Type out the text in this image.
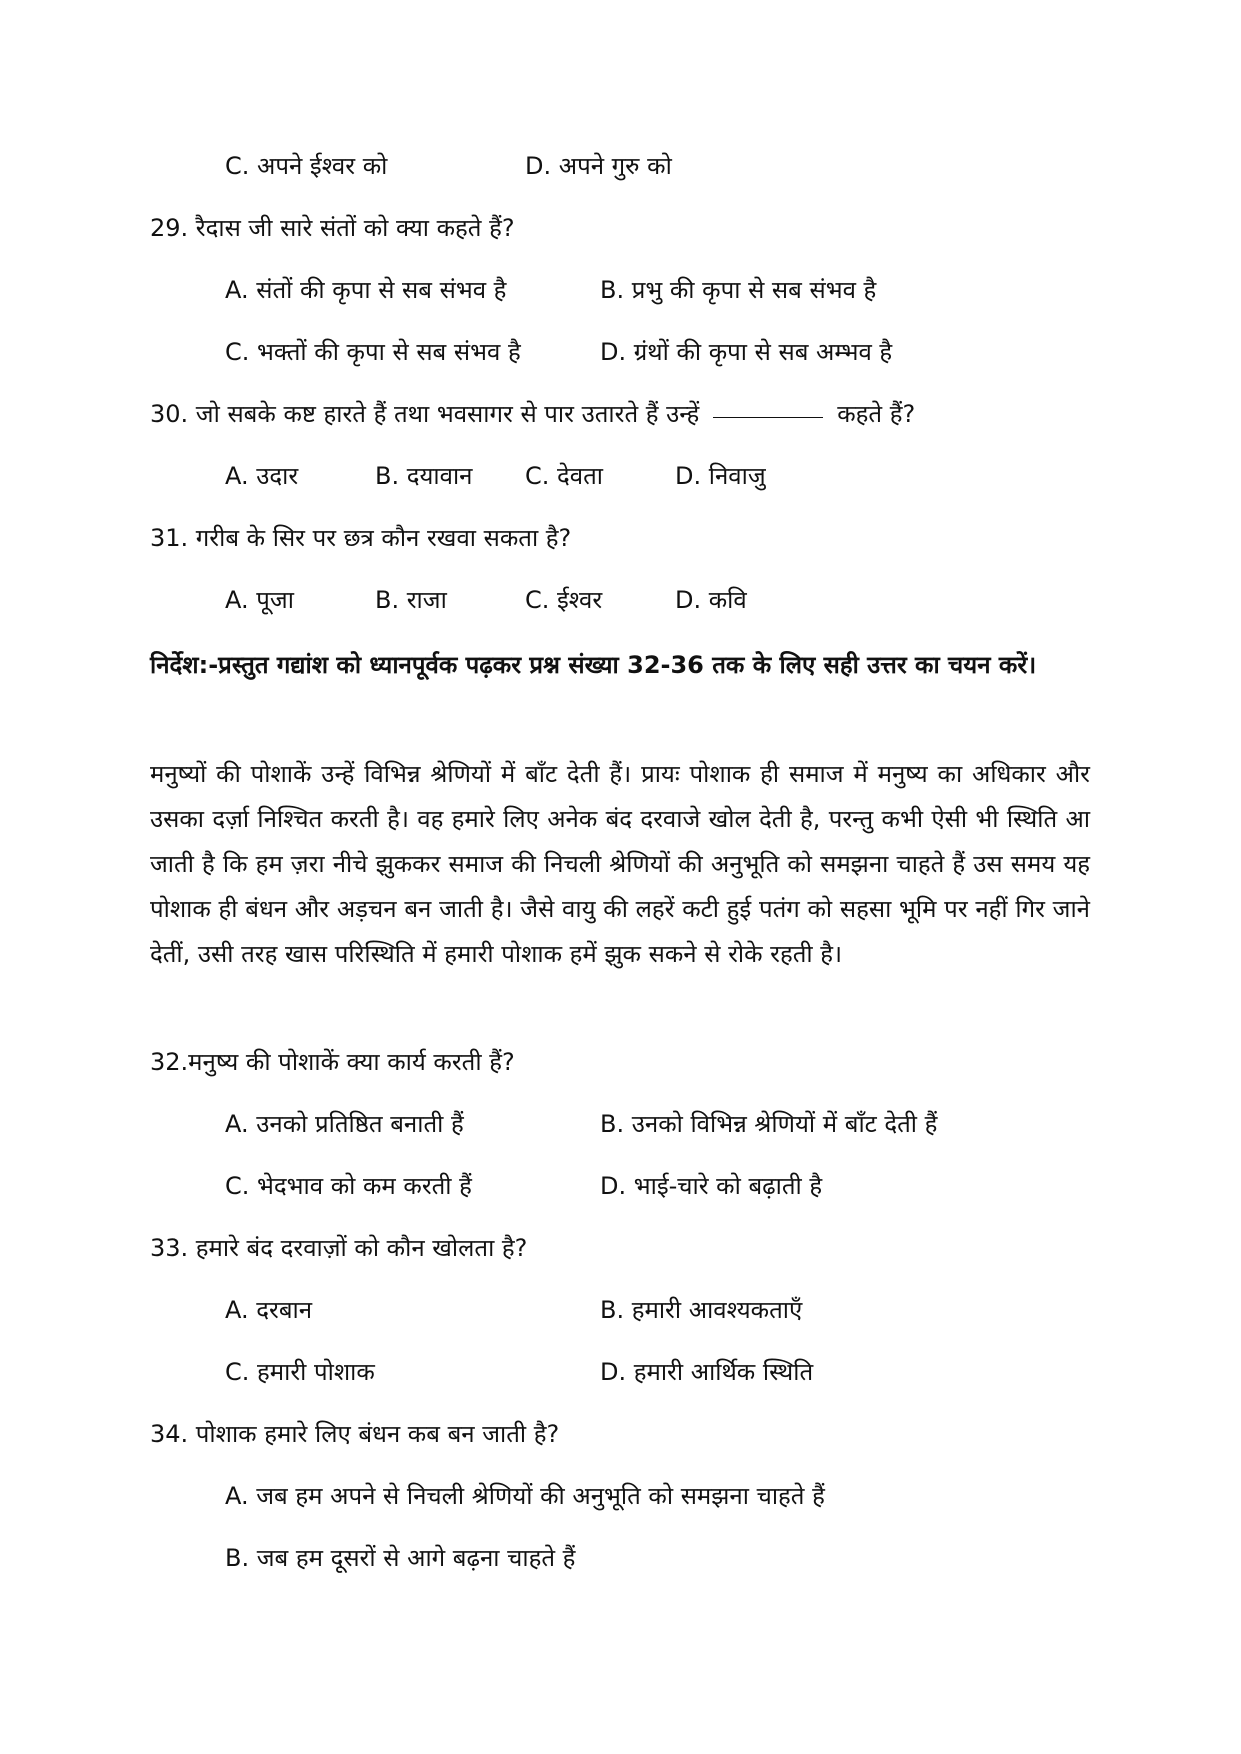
C. अपने ईश्वर को	D. अपने गुरु को
29. रैदास जी सारे संतों को क्या कहते हैं?
A. संतों की कृपा से सब संभव है	B. प्रभु की कृपा से सब संभव है
C. भक्तों की कृपा से सब संभव है	D. ग्रंथों की कृपा से सब अम्भव है
30. जो सबके कष्ट हारते हैं तथा भवसागर से पार उतारते हैं उन्हें	कहते हैं?
A. उदार	B. दयावान C. देवता	D. निवाजु
31. गरीब के सिर पर छत्र कौन रखवा सकता है?
A. पूजा	B. राजा	C. ईश्वर	D. कवि
निर्देश:-प्रस्तुत गद्यांश को ध्यानपूर्वक पढ़कर प्रश्न संख्या 32-36 तक के लिए सही उत्तर का चयन करें।
मनुष्यों की पोशाकें उन्हें विभिन्न श्रेणियों में बाँट देती हैं। प्रायः पोशाक ही समाज में मनुष्य का अधिकार और उसका दर्ज़ा निश्चित करती है। वह हमारे लिए अनेक बंद दरवाजे खोल देती है, परन्तु कभी ऐसी भी स्थिति आ जाती है कि हम ज़रा नीचे झुककर समाज की निचली श्रेणियों की अनुभूति को समझना चाहते हैं उस समय यह पोशाक ही बंधन और अड़चन बन जाती है। जैसे वायु की लहरें कटी हुई पतंग को सहसा भूमि पर नहीं गिर जाने देतीं, उसी तरह खास परिस्थिति में हमारी पोशाक हमें झुक सकने से रोके रहती है।
32.मनुष्य की पोशाकें क्या कार्य करती हैं?
A. उनको प्रतिष्ठित बनाती हैं	B. उनको विभिन्न श्रेणियों में बाँट देती हैं
C. भेदभाव को कम करती हैं	D. भाई-चारे को बढ़ाती है
33. हमारे बंद दरवाज़ों को कौन खोलता है?
A. दरबान	B. हमारी आवश्यकताएँ
C. हमारी पोशाक	D. हमारी आर्थिक स्थिति
34. पोशाक हमारे लिए बंधन कब बन जाती है?
A. जब हम अपने से निचली श्रेणियों की अनुभूति को समझना चाहते हैं
B. जब हम दूसरों से आगे बढ़ना चाहते हैं
